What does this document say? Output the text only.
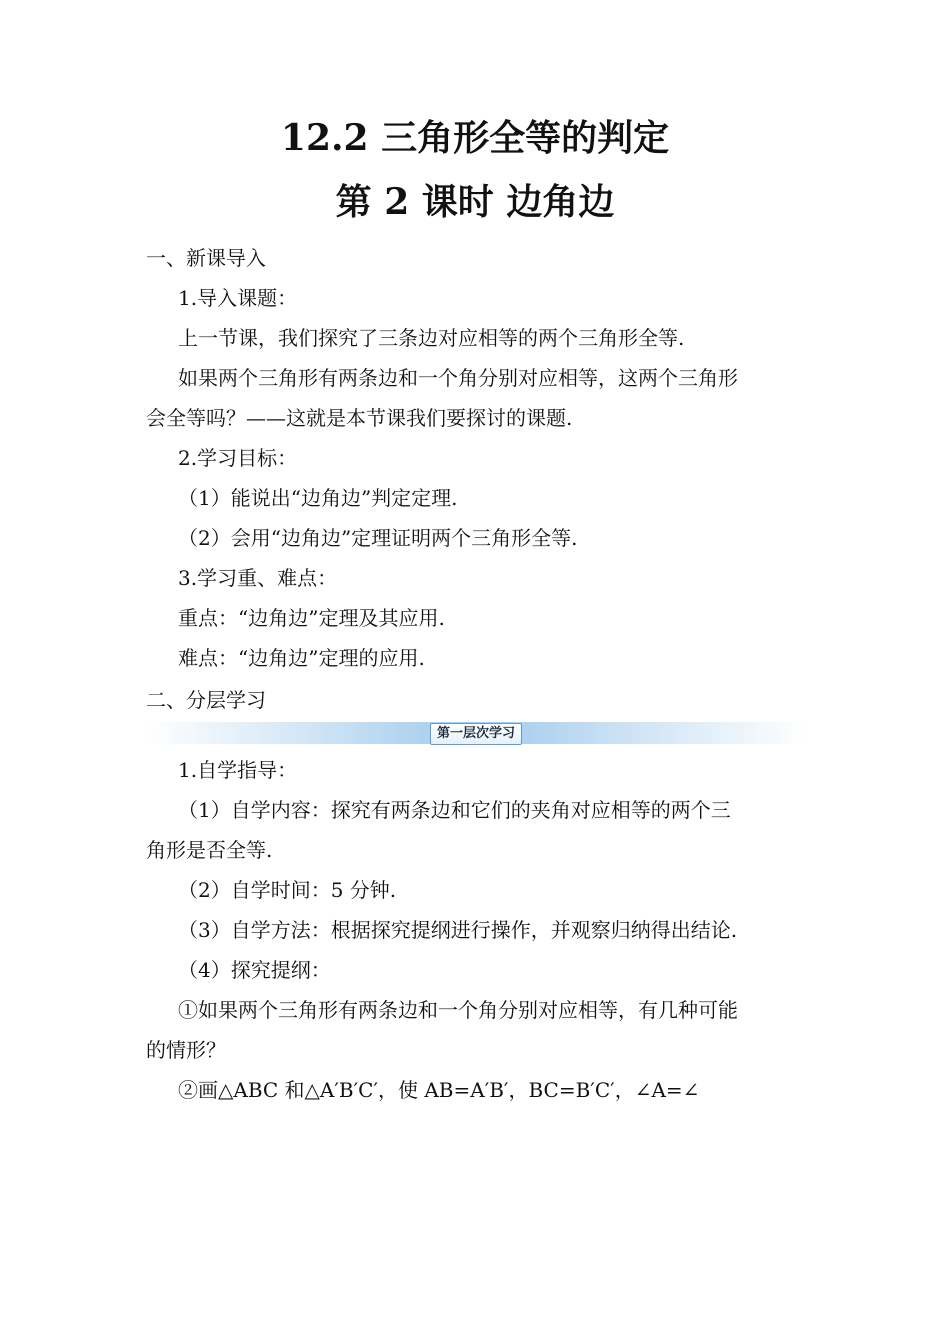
12.2 三角形全等的判定
第 2 课时 边角边
一、新课导入
1.导入课题：
上一节课，我们探究了三条边对应相等的两个三角形全等.
如果两个三角形有两条边和一个角分别对应相等，这两个三角形
会全等吗？——这就是本节课我们要探讨的课题.
2.学习目标：
（1）能说出“边角边”判定定理.
（2）会用“边角边”定理证明两个三角形全等.
3.学习重、难点：
重点：“边角边”定理及其应用.
难点：“边角边”定理的应用.
二、分层学习
第一层次学习
1.自学指导：
（1）自学内容：探究有两条边和它们的夹角对应相等的两个三
角形是否全等.
（2）自学时间：5 分钟.
（3）自学方法：根据探究提纲进行操作，并观察归纳得出结论.
（4）探究提纲：
①如果两个三角形有两条边和一个角分别对应相等，有几种可能
的情形？
②画△ABC 和△A′B′C′，使 AB=A′B′，BC=B′C′，∠A=∠
